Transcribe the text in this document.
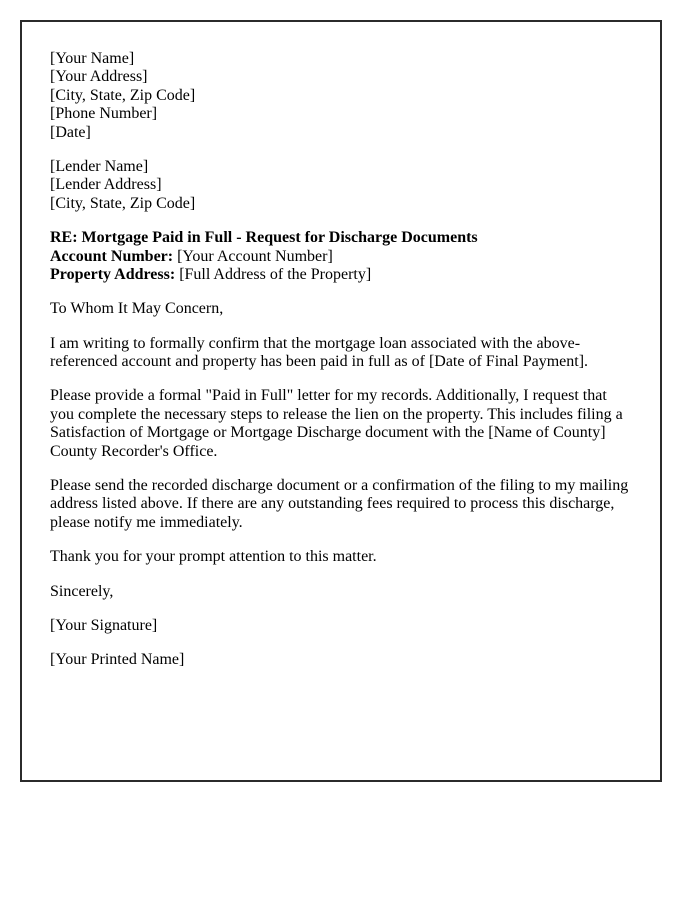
[Your Name]
[Your Address]
[City, State, Zip Code]
[Phone Number]
[Date]

[Lender Name]
[Lender Address]
[City, State, Zip Code]

RE: Mortgage Paid in Full - Request for Discharge Documents
Account Number: [Your Account Number]
Property Address: [Full Address of the Property]

To Whom It May Concern,

I am writing to formally confirm that the mortgage loan associated with the above-referenced account and property has been paid in full as of [Date of Final Payment].

Please provide a formal "Paid in Full" letter for my records. Additionally, I request that you complete the necessary steps to release the lien on the property. This includes filing a Satisfaction of Mortgage or Mortgage Discharge document with the [Name of County] County Recorder's Office.

Please send the recorded discharge document or a confirmation of the filing to my mailing address listed above. If there are any outstanding fees required to process this discharge, please notify me immediately.

Thank you for your prompt attention to this matter.

Sincerely,

[Your Signature]

[Your Printed Name]
